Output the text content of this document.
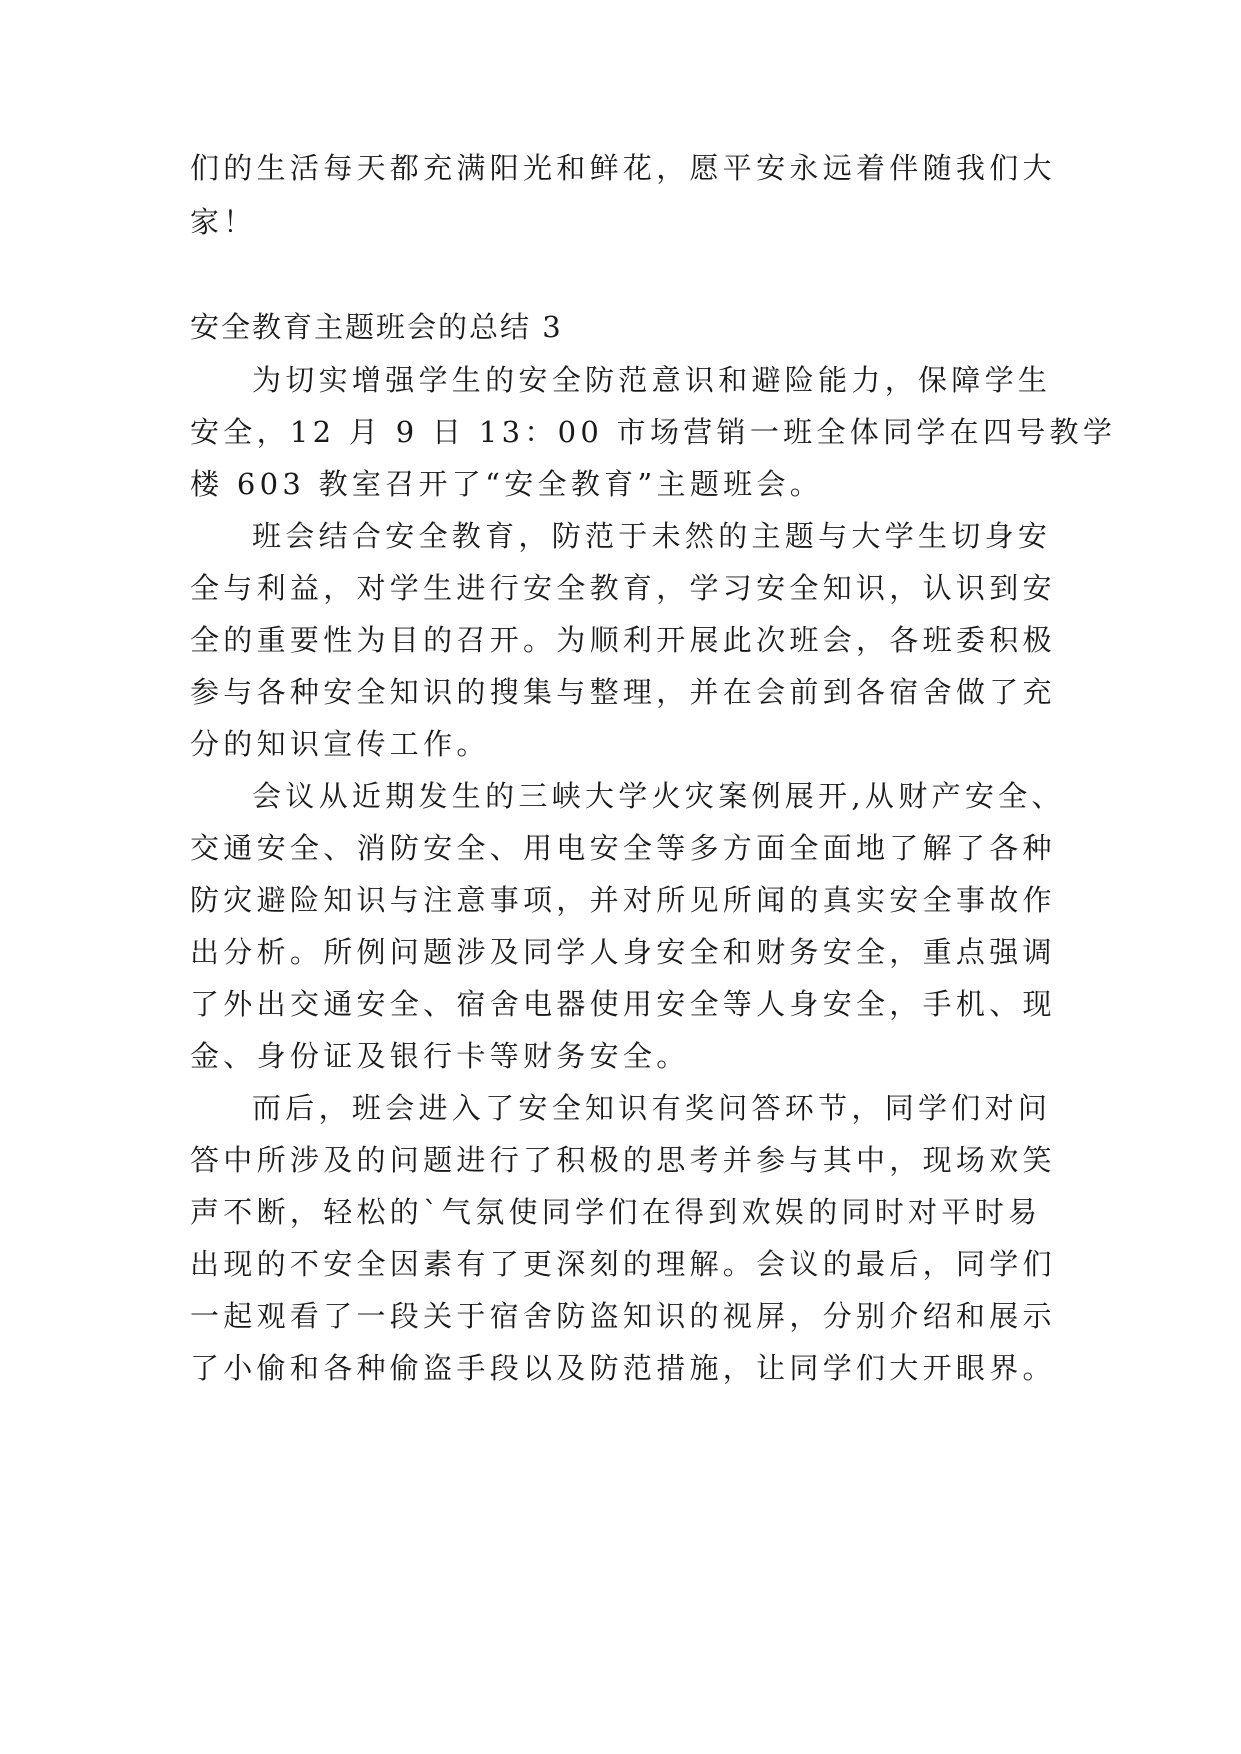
们的生活每天都充满阳光和鲜花，愿平安永远着伴随我们大
家！
安全教育主题班会的总结 3
为切实增强学生的安全防范意识和避险能力，保障学生
安全，12 月 9 日 13：00 市场营销一班全体同学在四号教学
楼 603 教室召开了“安全教育”主题班会。
班会结合安全教育，防范于未然的主题与大学生切身安
全与利益，对学生进行安全教育，学习安全知识，认识到安
全的重要性为目的召开。为顺利开展此次班会，各班委积极
参与各种安全知识的搜集与整理，并在会前到各宿舍做了充
分的知识宣传工作。
会议从近期发生的三峡大学火灾案例展开,从财产安全、
交通安全、消防安全、用电安全等多方面全面地了解了各种
防灾避险知识与注意事项，并对所见所闻的真实安全事故作
出分析。所例问题涉及同学人身安全和财务安全，重点强调
了外出交通安全、宿舍电器使用安全等人身安全，手机、现
金、身份证及银行卡等财务安全。
而后，班会进入了安全知识有奖问答环节，同学们对问
答中所涉及的问题进行了积极的思考并参与其中，现场欢笑
声不断，轻松的`气氛使同学们在得到欢娱的同时对平时易
出现的不安全因素有了更深刻的理解。会议的最后，同学们
一起观看了一段关于宿舍防盗知识的视屏，分别介绍和展示
了小偷和各种偷盗手段以及防范措施，让同学们大开眼界。
